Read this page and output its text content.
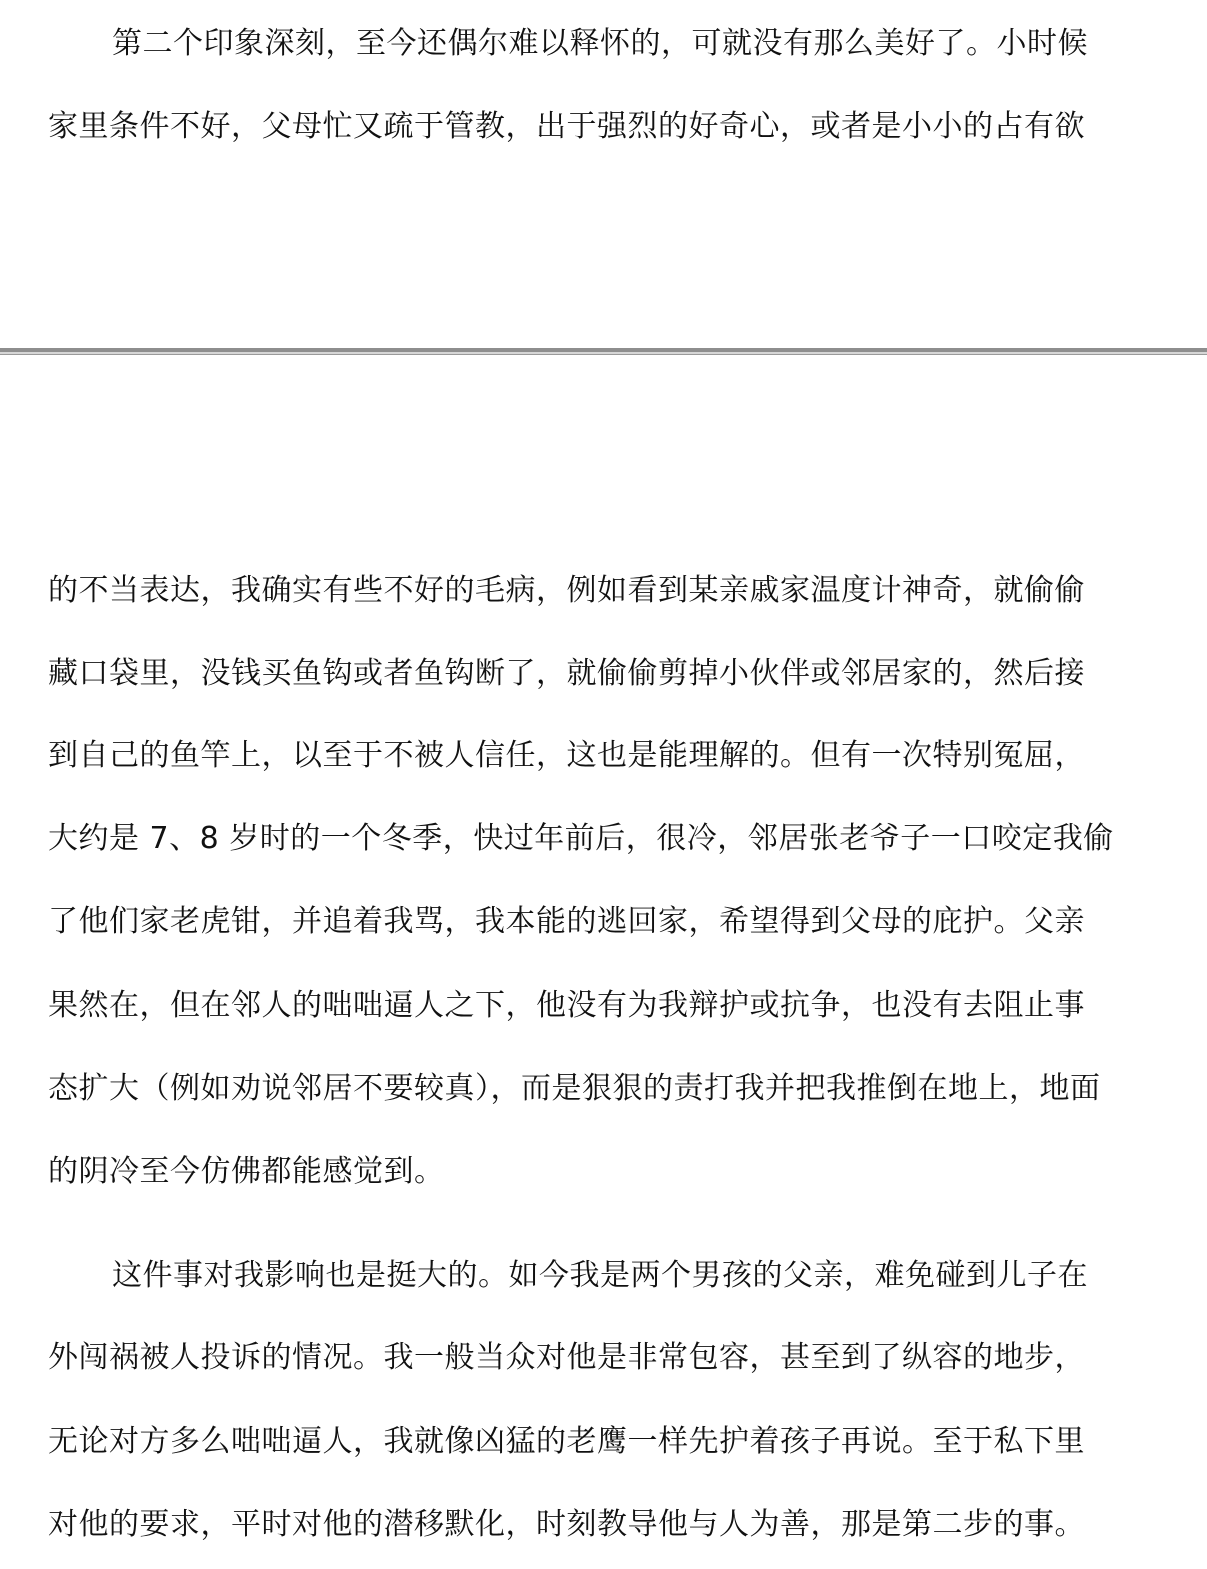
第二个印象深刻，至今还偶尔难以释怀的，可就没有那么美好了。小时候
家里条件不好，父母忙又疏于管教，出于强烈的好奇心，或者是小小的占有欲
的不当表达，我确实有些不好的毛病，例如看到某亲戚家温度计神奇，就偷偷
藏口袋里，没钱买鱼钩或者鱼钩断了，就偷偷剪掉小伙伴或邻居家的，然后接
到自己的鱼竿上，以至于不被人信任，这也是能理解的。但有一次特别冤屈，
大约是 7、8 岁时的一个冬季，快过年前后，很冷，邻居张老爷子一口咬定我偷
了他们家老虎钳，并追着我骂，我本能的逃回家，希望得到父母的庇护。父亲
果然在，但在邻人的咄咄逼人之下，他没有为我辩护或抗争，也没有去阻止事
态扩大（例如劝说邻居不要较真），而是狠狠的责打我并把我推倒在地上，地面
的阴冷至今仿佛都能感觉到。
这件事对我影响也是挺大的。如今我是两个男孩的父亲，难免碰到儿子在
外闯祸被人投诉的情况。我一般当众对他是非常包容，甚至到了纵容的地步，
无论对方多么咄咄逼人，我就像凶猛的老鹰一样先护着孩子再说。至于私下里
对他的要求，平时对他的潜移默化，时刻教导他与人为善，那是第二步的事。
